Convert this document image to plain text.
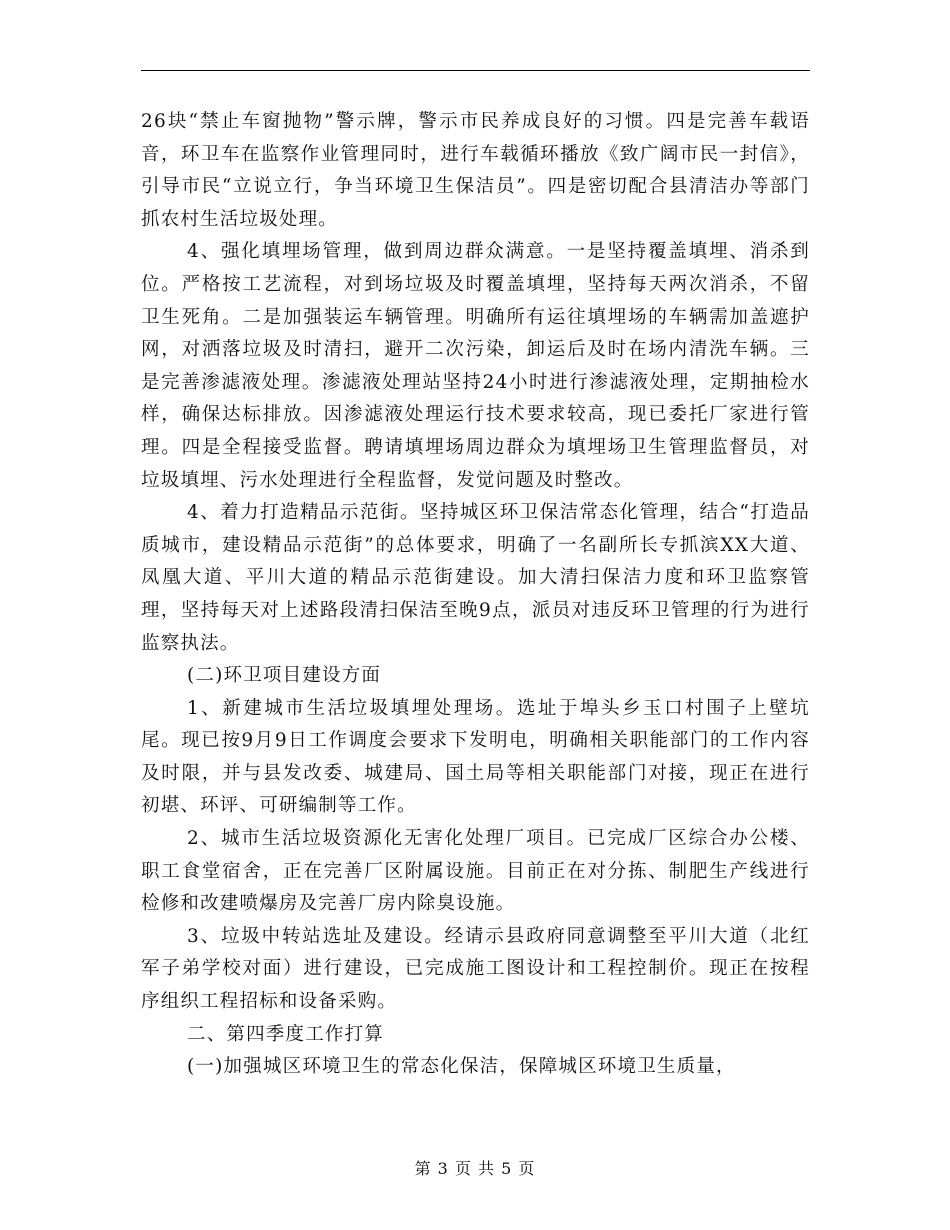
26块“禁止车窗抛物”警示牌，警示市民养成良好的习惯。四是完善车载语音，环卫车在监察作业管理同时，进行车载循环播放《致广阔市民一封信》，引导市民“立说立行，争当环境卫生保洁员”。四是密切配合县清洁办等部门抓农村生活垃圾处理。

4、强化填埋场管理，做到周边群众满意。一是坚持覆盖填埋、消杀到位。严格按工艺流程，对到场垃圾及时覆盖填埋，坚持每天两次消杀，不留卫生死角。二是加强装运车辆管理。明确所有运往填埋场的车辆需加盖遮护网，对洒落垃圾及时清扫，避开二次污染，卸运后及时在场内清洗车辆。三是完善渗滤液处理。渗滤液处理站坚持24小时进行渗滤液处理，定期抽检水样，确保达标排放。因渗滤液处理运行技术要求较高，现已委托厂家进行管理。四是全程接受监督。聘请填埋场周边群众为填埋场卫生管理监督员，对垃圾填埋、污水处理进行全程监督，发觉问题及时整改。

4、着力打造精品示范街。坚持城区环卫保洁常态化管理，结合“打造品质城市，建设精品示范街”的总体要求，明确了一名副所长专抓滨XX大道、凤凰大道、平川大道的精品示范街建设。加大清扫保洁力度和环卫监察管理，坚持每天对上述路段清扫保洁至晚9点，派员对违反环卫管理的行为进行监察执法。

(二)环卫项目建设方面

1、新建城市生活垃圾填埋处理场。选址于埠头乡玉口村围子上壁坑尾。现已按9月9日工作调度会要求下发明电，明确相关职能部门的工作内容及时限，并与县发改委、城建局、国土局等相关职能部门对接，现正在进行初堪、环评、可研编制等工作。

2、城市生活垃圾资源化无害化处理厂项目。已完成厂区综合办公楼、职工食堂宿舍，正在完善厂区附属设施。目前正在对分拣、制肥生产线进行检修和改建喷爆房及完善厂房内除臭设施。

3、垃圾中转站选址及建设。经请示县政府同意调整至平川大道（北红军子弟学校对面）进行建设，已完成施工图设计和工程控制价。现正在按程序组织工程招标和设备采购。

二、第四季度工作打算

(一)加强城区环境卫生的常态化保洁，保障城区环境卫生质量，

第 3 页 共 5 页
